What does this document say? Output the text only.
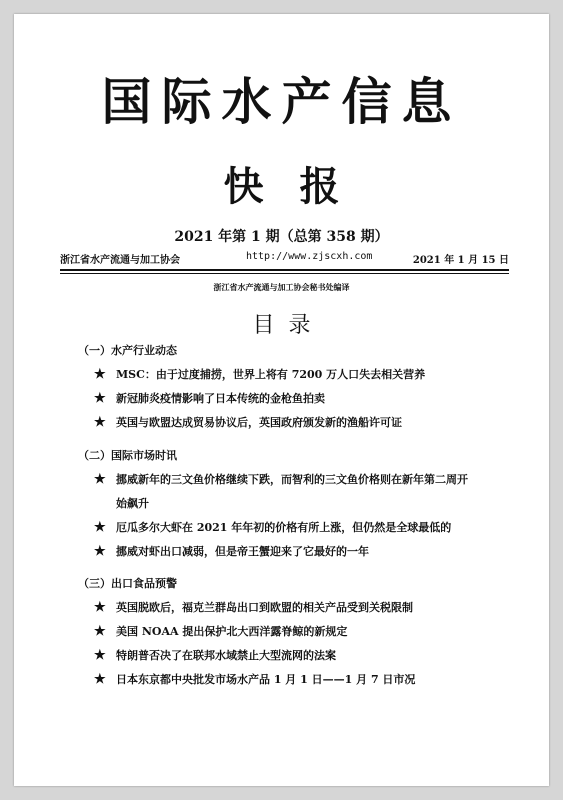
国际水产信息
快报
2021 年第 1 期（总第 358 期）
浙江省水产流通与加工协会	http://www.zjscxh.com	2021 年 1 月 15 日
浙江省水产流通与加工协会秘书处编译
目录
（一）水产行业动态
★ MSC：由于过度捕捞，世界上将有 7200 万人口失去相关营养
★ 新冠肺炎疫情影响了日本传统的金枪鱼拍卖
★ 英国与欧盟达成贸易协议后，英国政府颁发新的渔船许可证
（二）国际市场时讯
★ 挪威新年的三文鱼价格继续下跌，而智利的三文鱼价格则在新年第二周开始飙升
★ 厄瓜多尔大虾在 2021 年年初的价格有所上涨，但仍然是全球最低的
★ 挪威对虾出口减弱，但是帝王蟹迎来了它最好的一年
（三）出口食品预警
★ 英国脱欧后，福克兰群岛出口到欧盟的相关产品受到关税限制
★ 美国 NOAA 提出保护北大西洋露脊鲸的新规定
★ 特朗普否决了在联邦水域禁止大型流网的法案
★ 日本东京都中央批发市场水产品 1 月 1 日——1 月 7 日市况
